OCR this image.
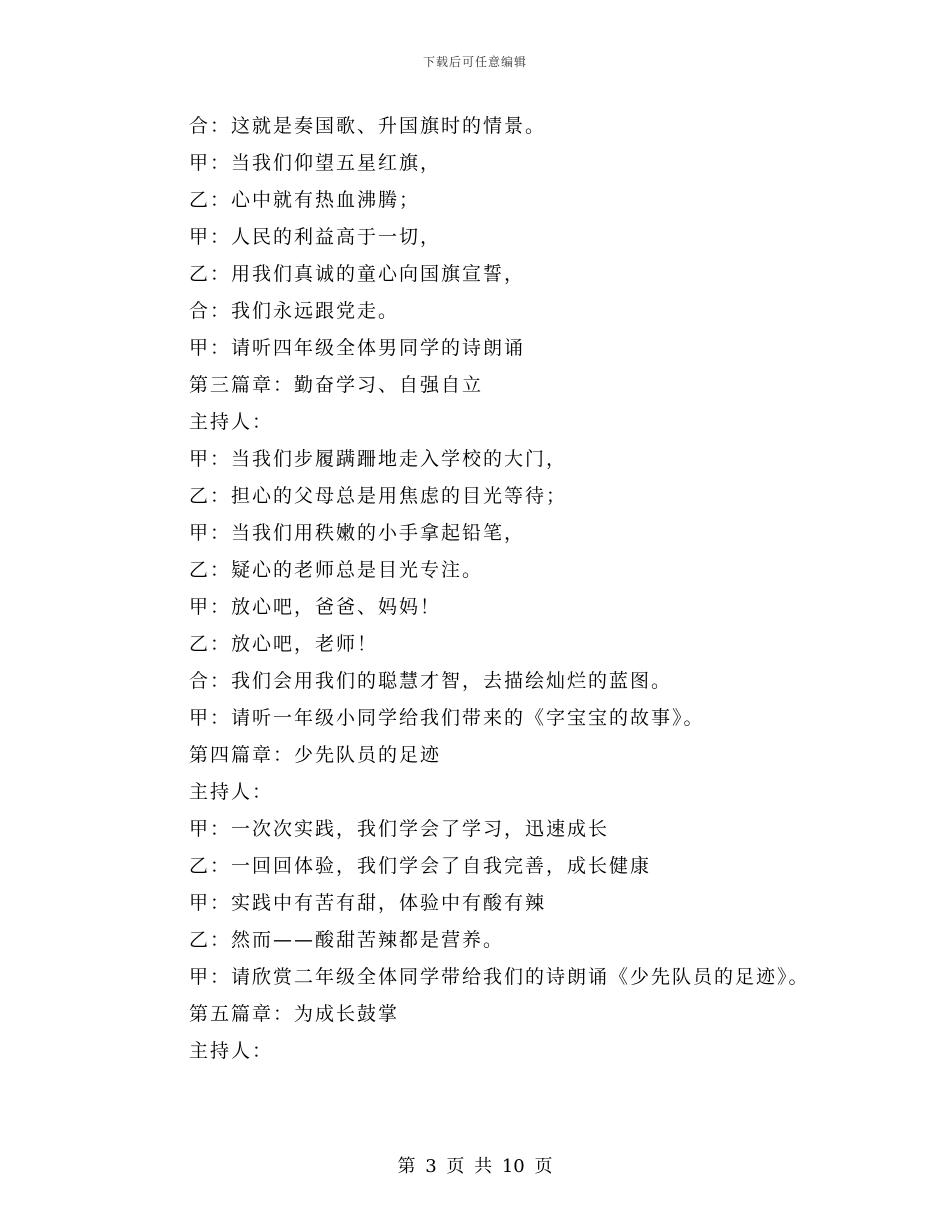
下载后可任意编辑
合：这就是奏国歌、升国旗时的情景。
甲：当我们仰望五星红旗，
乙：心中就有热血沸腾；
甲：人民的利益高于一切，
乙：用我们真诚的童心向国旗宣誓，
合：我们永远跟党走。
甲：请听四年级全体男同学的诗朗诵
第三篇章：勤奋学习、自强自立
主持人：
甲：当我们步履蹒跚地走入学校的大门，
乙：担心的父母总是用焦虑的目光等待；
甲：当我们用秩嫩的小手拿起铅笔，
乙：疑心的老师总是目光专注。
甲：放心吧，爸爸、妈妈！
乙：放心吧，老师！
合：我们会用我们的聪慧才智，去描绘灿烂的蓝图。
甲：请听一年级小同学给我们带来的《字宝宝的故事》。
第四篇章：少先队员的足迹
主持人：
甲：一次次实践，我们学会了学习，迅速成长
乙：一回回体验，我们学会了自我完善，成长健康
甲：实践中有苦有甜，体验中有酸有辣
乙：然而——酸甜苦辣都是营养。
甲：请欣赏二年级全体同学带给我们的诗朗诵《少先队员的足迹》。
第五篇章：为成长鼓掌
主持人：
第 3 页 共 10 页
